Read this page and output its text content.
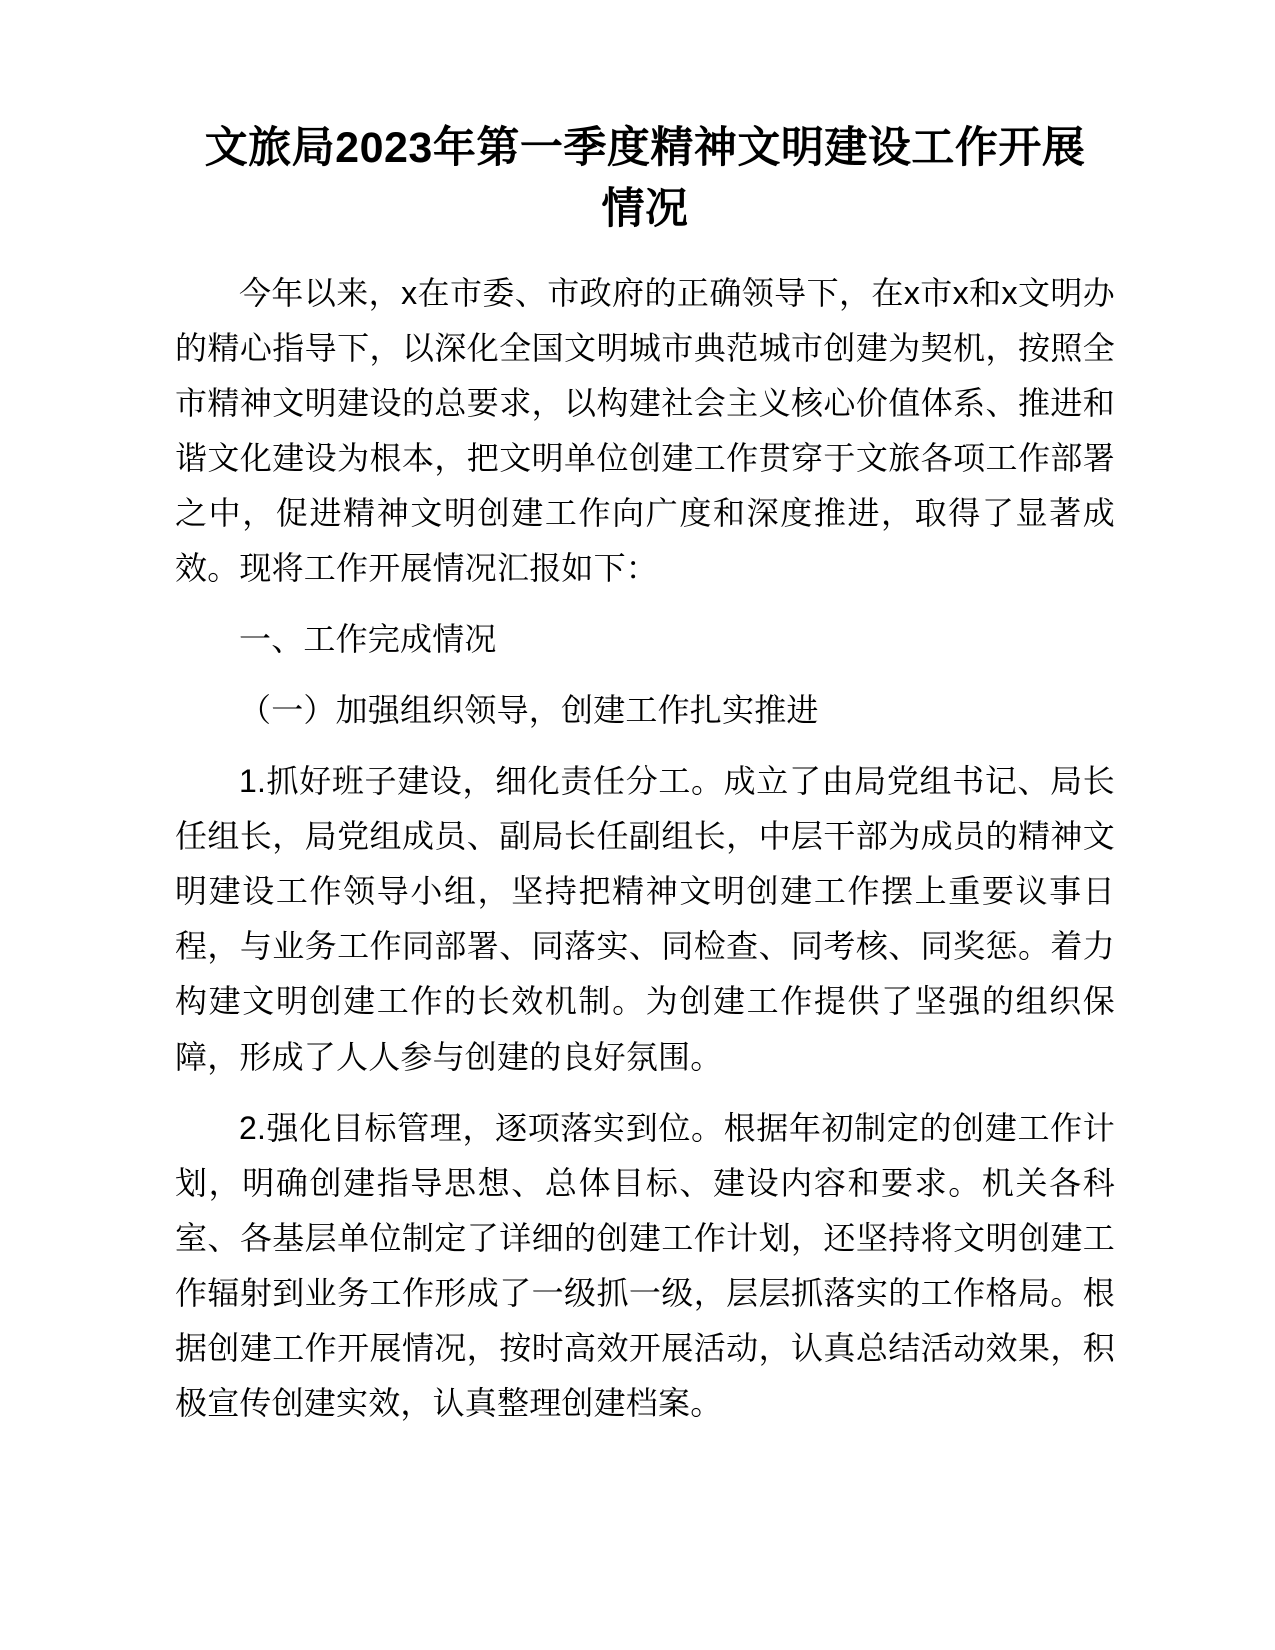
文旅局2023年第一季度精神文明建设工作开展情况

今年以来，x在市委、市政府的正确领导下，在x市x和x文明办的精心指导下，以深化全国文明城市典范城市创建为契机，按照全市精神文明建设的总要求，以构建社会主义核心价值体系、推进和谐文化建设为根本，把文明单位创建工作贯穿于文旅各项工作部署之中，促进精神文明创建工作向广度和深度推进，取得了显著成效。现将工作开展情况汇报如下：

一、工作完成情况

（一）加强组织领导，创建工作扎实推进

1.抓好班子建设，细化责任分工。成立了由局党组书记、局长任组长，局党组成员、副局长任副组长，中层干部为成员的精神文明建设工作领导小组，坚持把精神文明创建工作摆上重要议事日程，与业务工作同部署、同落实、同检查、同考核、同奖惩。着力构建文明创建工作的长效机制。为创建工作提供了坚强的组织保障，形成了人人参与创建的良好氛围。

2.强化目标管理，逐项落实到位。根据年初制定的创建工作计划，明确创建指导思想、总体目标、建设内容和要求。机关各科室、各基层单位制定了详细的创建工作计划，还坚持将文明创建工作辐射到业务工作形成了一级抓一级，层层抓落实的工作格局。根据创建工作开展情况，按时高效开展活动，认真总结活动效果，积极宣传创建实效，认真整理创建档案。
